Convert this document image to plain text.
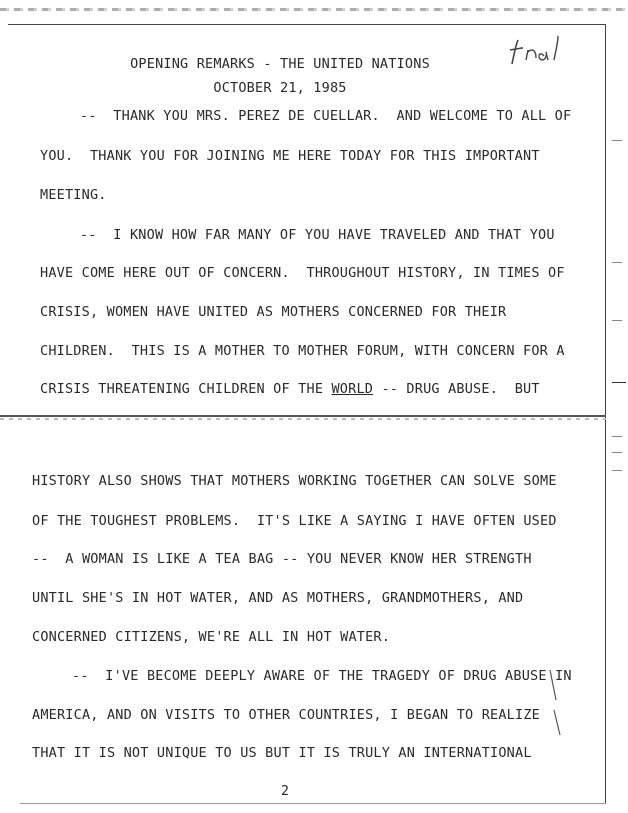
final
OPENING REMARKS - THE UNITED NATIONS
OCTOBER 21, 1985
--  THANK YOU MRS. PEREZ DE CUELLAR.  AND WELCOME TO ALL OF
YOU.  THANK YOU FOR JOINING ME HERE TODAY FOR THIS IMPORTANT
MEETING.
--  I KNOW HOW FAR MANY OF YOU HAVE TRAVELED AND THAT YOU
HAVE COME HERE OUT OF CONCERN.  THROUGHOUT HISTORY, IN TIMES OF
CRISIS, WOMEN HAVE UNITED AS MOTHERS CONCERNED FOR THEIR
CHILDREN.  THIS IS A MOTHER TO MOTHER FORUM, WITH CONCERN FOR A
CRISIS THREATENING CHILDREN OF THE WORLD -- DRUG ABUSE.  BUT
HISTORY ALSO SHOWS THAT MOTHERS WORKING TOGETHER CAN SOLVE SOME
OF THE TOUGHEST PROBLEMS.  IT'S LIKE A SAYING I HAVE OFTEN USED
--  A WOMAN IS LIKE A TEA BAG -- YOU NEVER KNOW HER STRENGTH
UNTIL SHE'S IN HOT WATER, AND AS MOTHERS, GRANDMOTHERS, AND
CONCERNED CITIZENS, WE'RE ALL IN HOT WATER.
--  I'VE BECOME DEEPLY AWARE OF THE TRAGEDY OF DRUG ABUSE IN
AMERICA, AND ON VISITS TO OTHER COUNTRIES, I BEGAN TO REALIZE
THAT IT IS NOT UNIQUE TO US BUT IT IS TRULY AN INTERNATIONAL
2
